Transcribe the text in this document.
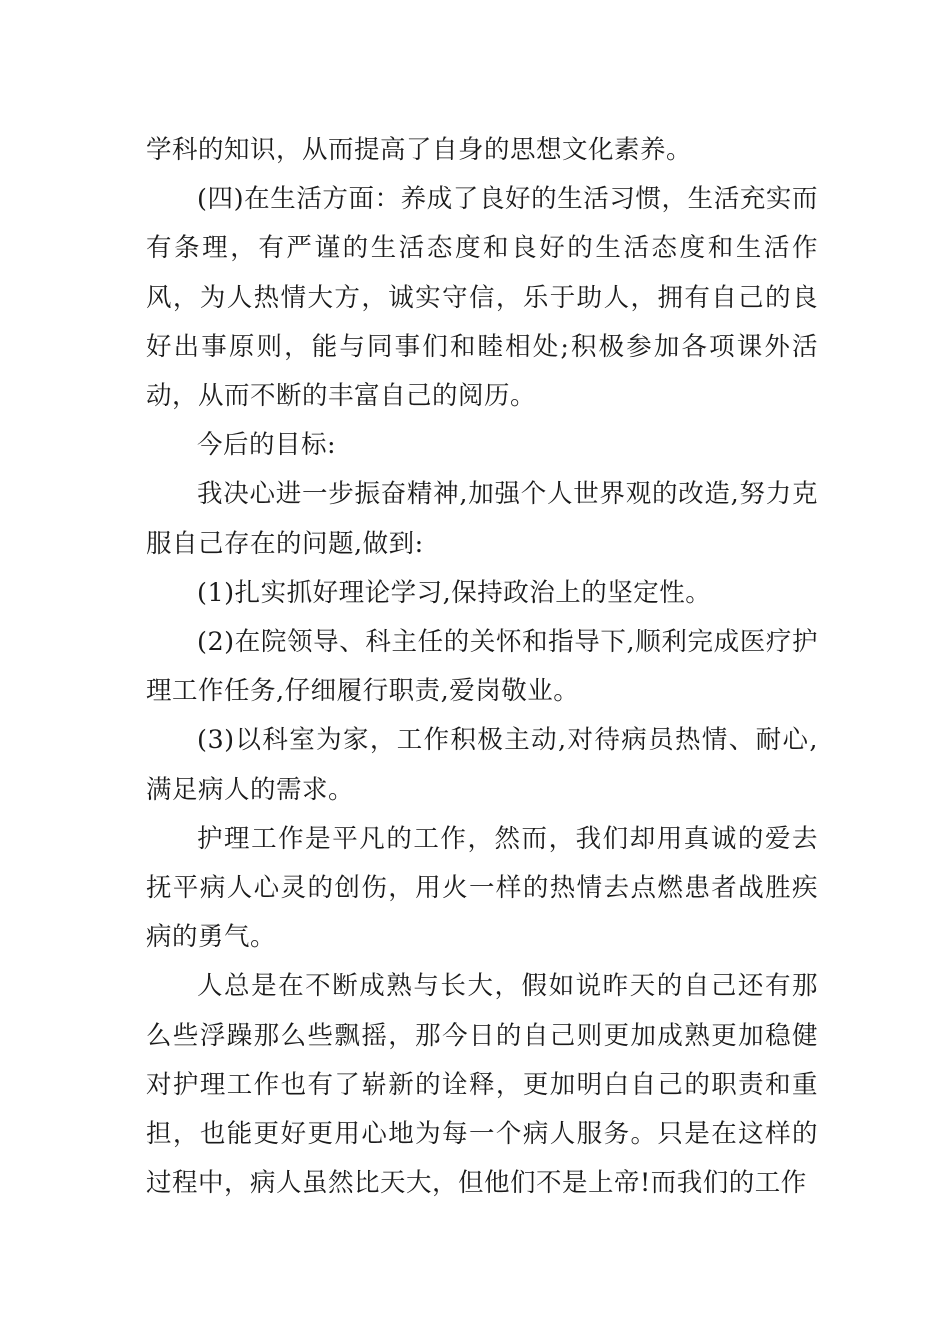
学科的知识，从而提高了自身的思想文化素养。

(四)在生活方面：养成了良好的生活习惯，生活充实而有条理，有严谨的生活态度和良好的生活态度和生活作风，为人热情大方，诚实守信，乐于助人，拥有自己的良好出事原则，能与同事们和睦相处;积极参加各项课外活动，从而不断的丰富自己的阅历。

今后的目标:

我决心进一步振奋精神,加强个人世界观的改造,努力克服自己存在的问题,做到:

(1)扎实抓好理论学习,保持政治上的坚定性。

(2)在院领导、科主任的关怀和指导下,顺利完成医疗护理工作任务,仔细履行职责,爱岗敬业。

(3)以科室为家，工作积极主动,对待病员热情、耐心,满足病人的需求。

护理工作是平凡的工作，然而，我们却用真诚的爱去抚平病人心灵的创伤，用火一样的热情去点燃患者战胜疾病的勇气。

人总是在不断成熟与长大，假如说昨天的自己还有那么些浮躁那么些飘摇，那今日的自己则更加成熟更加稳健对护理工作也有了崭新的诠释，更加明白自己的职责和重担，也能更好更用心地为每一个病人服务。只是在这样的过程中，病人虽然比天大，但他们不是上帝!而我们的工作
